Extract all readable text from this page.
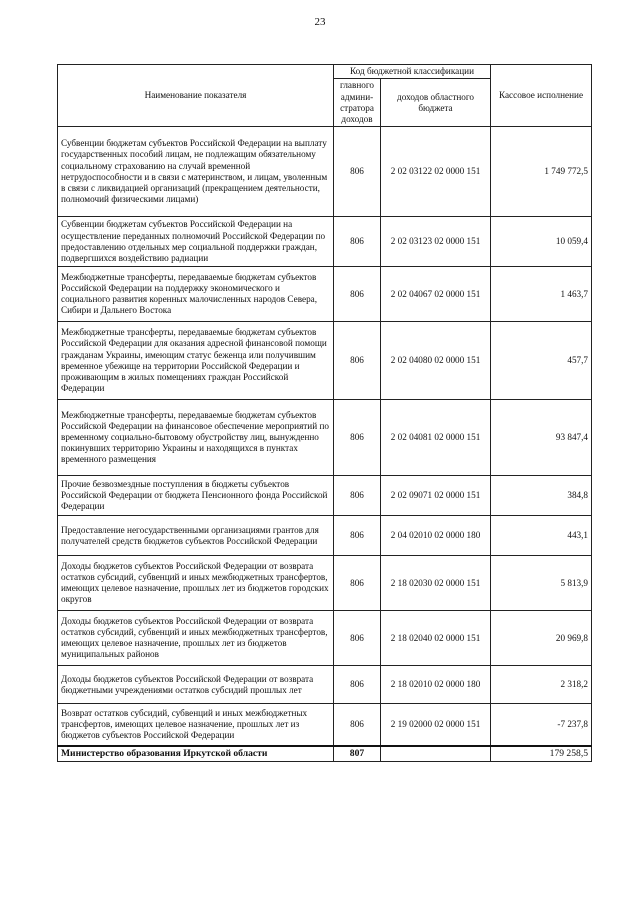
23
Наименование показателя	Код бюджетной классификации		Кассовое исполнение
	главного админи-стратора доходов	доходов областного бюджета	
Субвенции бюджетам субъектов Российской Федерации на выплату государственных пособий лицам, не подлежащим обязательному социальному страхованию на случай временной нетрудоспособности и в связи с материнством, и лицам, уволенным в связи с ликвидацией организаций (прекращением деятельности, полномочий физическими лицами)	806	2 02 03122 02 0000 151	1 749 772,5
Субвенции бюджетам субъектов Российской Федерации на осуществление переданных полномочий Российской Федерации по предоставлению отдельных мер социальной поддержки граждан, подвергшихся воздействию радиации	806	2 02 03123 02 0000 151	10 059,4
Межбюджетные трансферты, передаваемые бюджетам субъектов Российской Федерации на поддержку экономического и социального развития коренных малочисленных народов Севера, Сибири и Дальнего Востока	806	2 02 04067 02 0000 151	1 463,7
Межбюджетные трансферты, передаваемые бюджетам субъектов Российской Федерации для оказания адресной финансовой помощи гражданам Украины, имеющим статус беженца или получившим временное убежище на территории Российской Федерации и проживающим в жилых помещениях граждан Российской Федерации	806	2 02 04080 02 0000 151	457,7
Межбюджетные трансферты, передаваемые бюджетам субъектов Российской Федерации на финансовое обеспечение мероприятий по временному социально-бытовому обустройству лиц, вынужденно покинувших территорию Украины и находящихся в пунктах временного размещения	806	2 02 04081 02 0000 151	93 847,4
Прочие безвозмездные поступления в бюджеты субъектов Российской Федерации от бюджета Пенсионного фонда Российской Федерации	806	2 02 09071 02 0000 151	384,8
Предоставление негосударственными организациями грантов для получателей средств бюджетов субъектов Российской Федерации	806	2 04 02010 02 0000 180	443,1
Доходы бюджетов субъектов Российской Федерации от возврата остатков субсидий, субвенций и иных межбюджетных трансфертов, имеющих целевое назначение, прошлых лет из бюджетов городских округов	806	2 18 02030 02 0000 151	5 813,9
Доходы бюджетов субъектов Российской Федерации от возврата остатков субсидий, субвенций и иных межбюджетных трансфертов, имеющих целевое назначение, прошлых лет из бюджетов муниципальных районов	806	2 18 02040 02 0000 151	20 969,8
Доходы бюджетов субъектов Российской Федерации от возврата бюджетными учреждениями остатков субсидий прошлых лет	806	2 18 02010 02 0000 180	2 318,2
Возврат остатков субсидий, субвенций и иных межбюджетных трансфертов, имеющих целевое назначение, прошлых лет из бюджетов субъектов Российской Федерации	806	2 19 02000 02 0000 151	-7 237,8
Министерство образования Иркутской области	807		179 258,5
